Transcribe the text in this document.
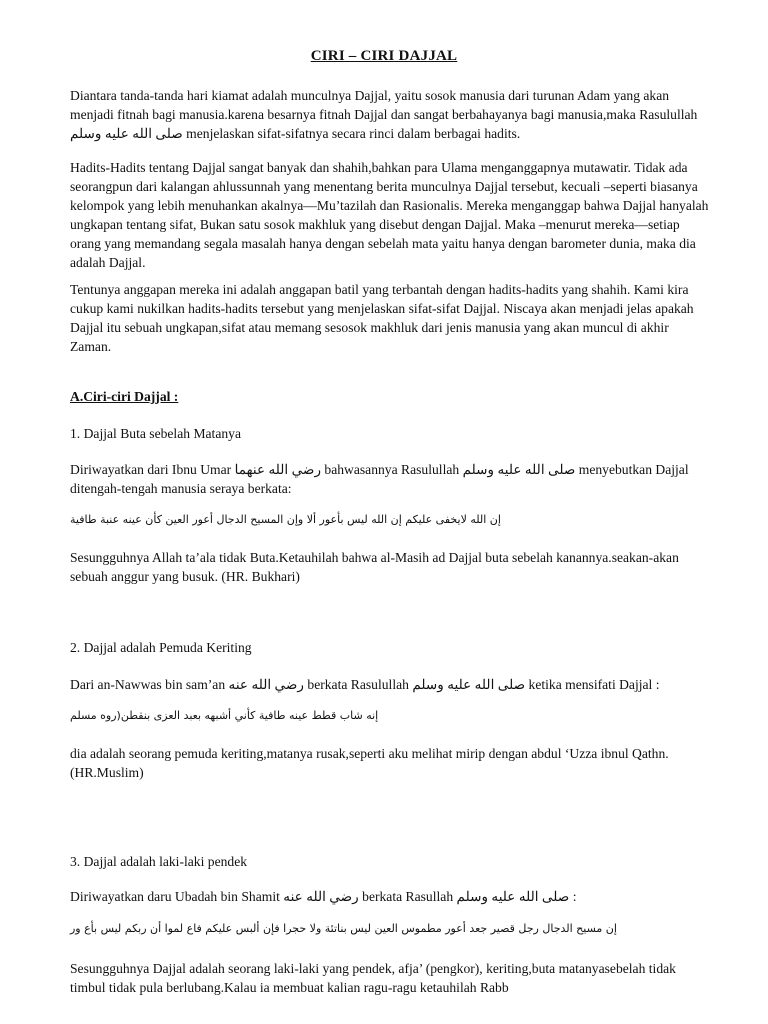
CIRI – CIRI DAJJAL

Diantara tanda-tanda hari kiamat adalah munculnya Dajjal, yaitu sosok manusia dari turunan Adam yang akan menjadi fitnah bagi manusia.karena besarnya fitnah Dajjal dan sangat berbahayanya bagi manusia,maka Rasulullah صلى الله عليه وسلم menjelaskan sifat-sifatnya secara rinci dalam berbagai hadits.

Hadits-Hadits tentang Dajjal sangat banyak dan shahih,bahkan para Ulama menganggapnya mutawatir. Tidak ada seorangpun dari kalangan ahlussunnah yang menentang berita munculnya Dajjal tersebut, kecuali –seperti biasanya kelompok yang lebih menuhankan akalnya—Mu’tazilah dan Rasionalis. Mereka menganggap bahwa Dajjal hanyalah ungkapan tentang sifat, Bukan satu sosok makhluk yang disebut dengan Dajjal. Maka –menurut mereka—setiap orang yang memandang segala masalah hanya dengan sebelah mata yaitu hanya dengan barometer dunia, maka dia adalah Dajjal.

Tentunya anggapan mereka ini adalah anggapan batil yang terbantah dengan hadits-hadits yang shahih. Kami kira cukup kami nukilkan hadits-hadits tersebut yang menjelaskan sifat-sifat Dajjal. Niscaya akan menjadi jelas apakah Dajjal itu sebuah ungkapan,sifat atau memang sesosok makhluk dari jenis manusia yang akan muncul di akhir Zaman.

A.Ciri-ciri Dajjal :

1. Dajjal Buta sebelah Matanya

Diriwayatkan dari Ibnu Umar رضي الله عنهما bahwasannya Rasulullah صلى الله عليه وسلم menyebutkan Dajjal ditengah-tengah manusia seraya berkata:

إن الله لايخفى عليكم إن الله ليس بأعور ألا وإن المسيح الدجال أعور العين كأن عينه عنبة طافية

Sesungguhnya Allah ta’ala tidak Buta.Ketauhilah bahwa al-Masih ad Dajjal buta sebelah kanannya.seakan-akan sebuah anggur yang busuk. (HR. Bukhari)

2. Dajjal adalah Pemuda Keriting

Dari an-Nawwas bin sam’an رضي الله عنه berkata Rasulullah صلى الله عليه وسلم ketika mensifati Dajjal :

إنه شاب قطط عينه طافية كأني أشبهه بعبد العزى بنقطن(روه مسلم

dia adalah seorang pemuda keriting,matanya rusak,seperti aku melihat mirip dengan abdul ‘Uzza ibnul Qathn. (HR.Muslim)

3. Dajjal adalah laki-laki pendek

Diriwayatkan daru Ubadah bin Shamit رضي الله عنه berkata Rasullah صلى الله عليه وسلم :

إن مسيح الدجال رجل قصير جعد أعور مطموس العين ليس بناتئة ولا حجرا فإن ألبس عليكم فاع لموا أن ربكم ليس بأع ور

Sesungguhnya Dajjal adalah seorang laki-laki yang pendek, afja’ (pengkor), keriting,buta matanyasebelah tidak timbul tidak pula berlubang.Kalau ia membuat kalian ragu-ragu ketauhilah Rabb
